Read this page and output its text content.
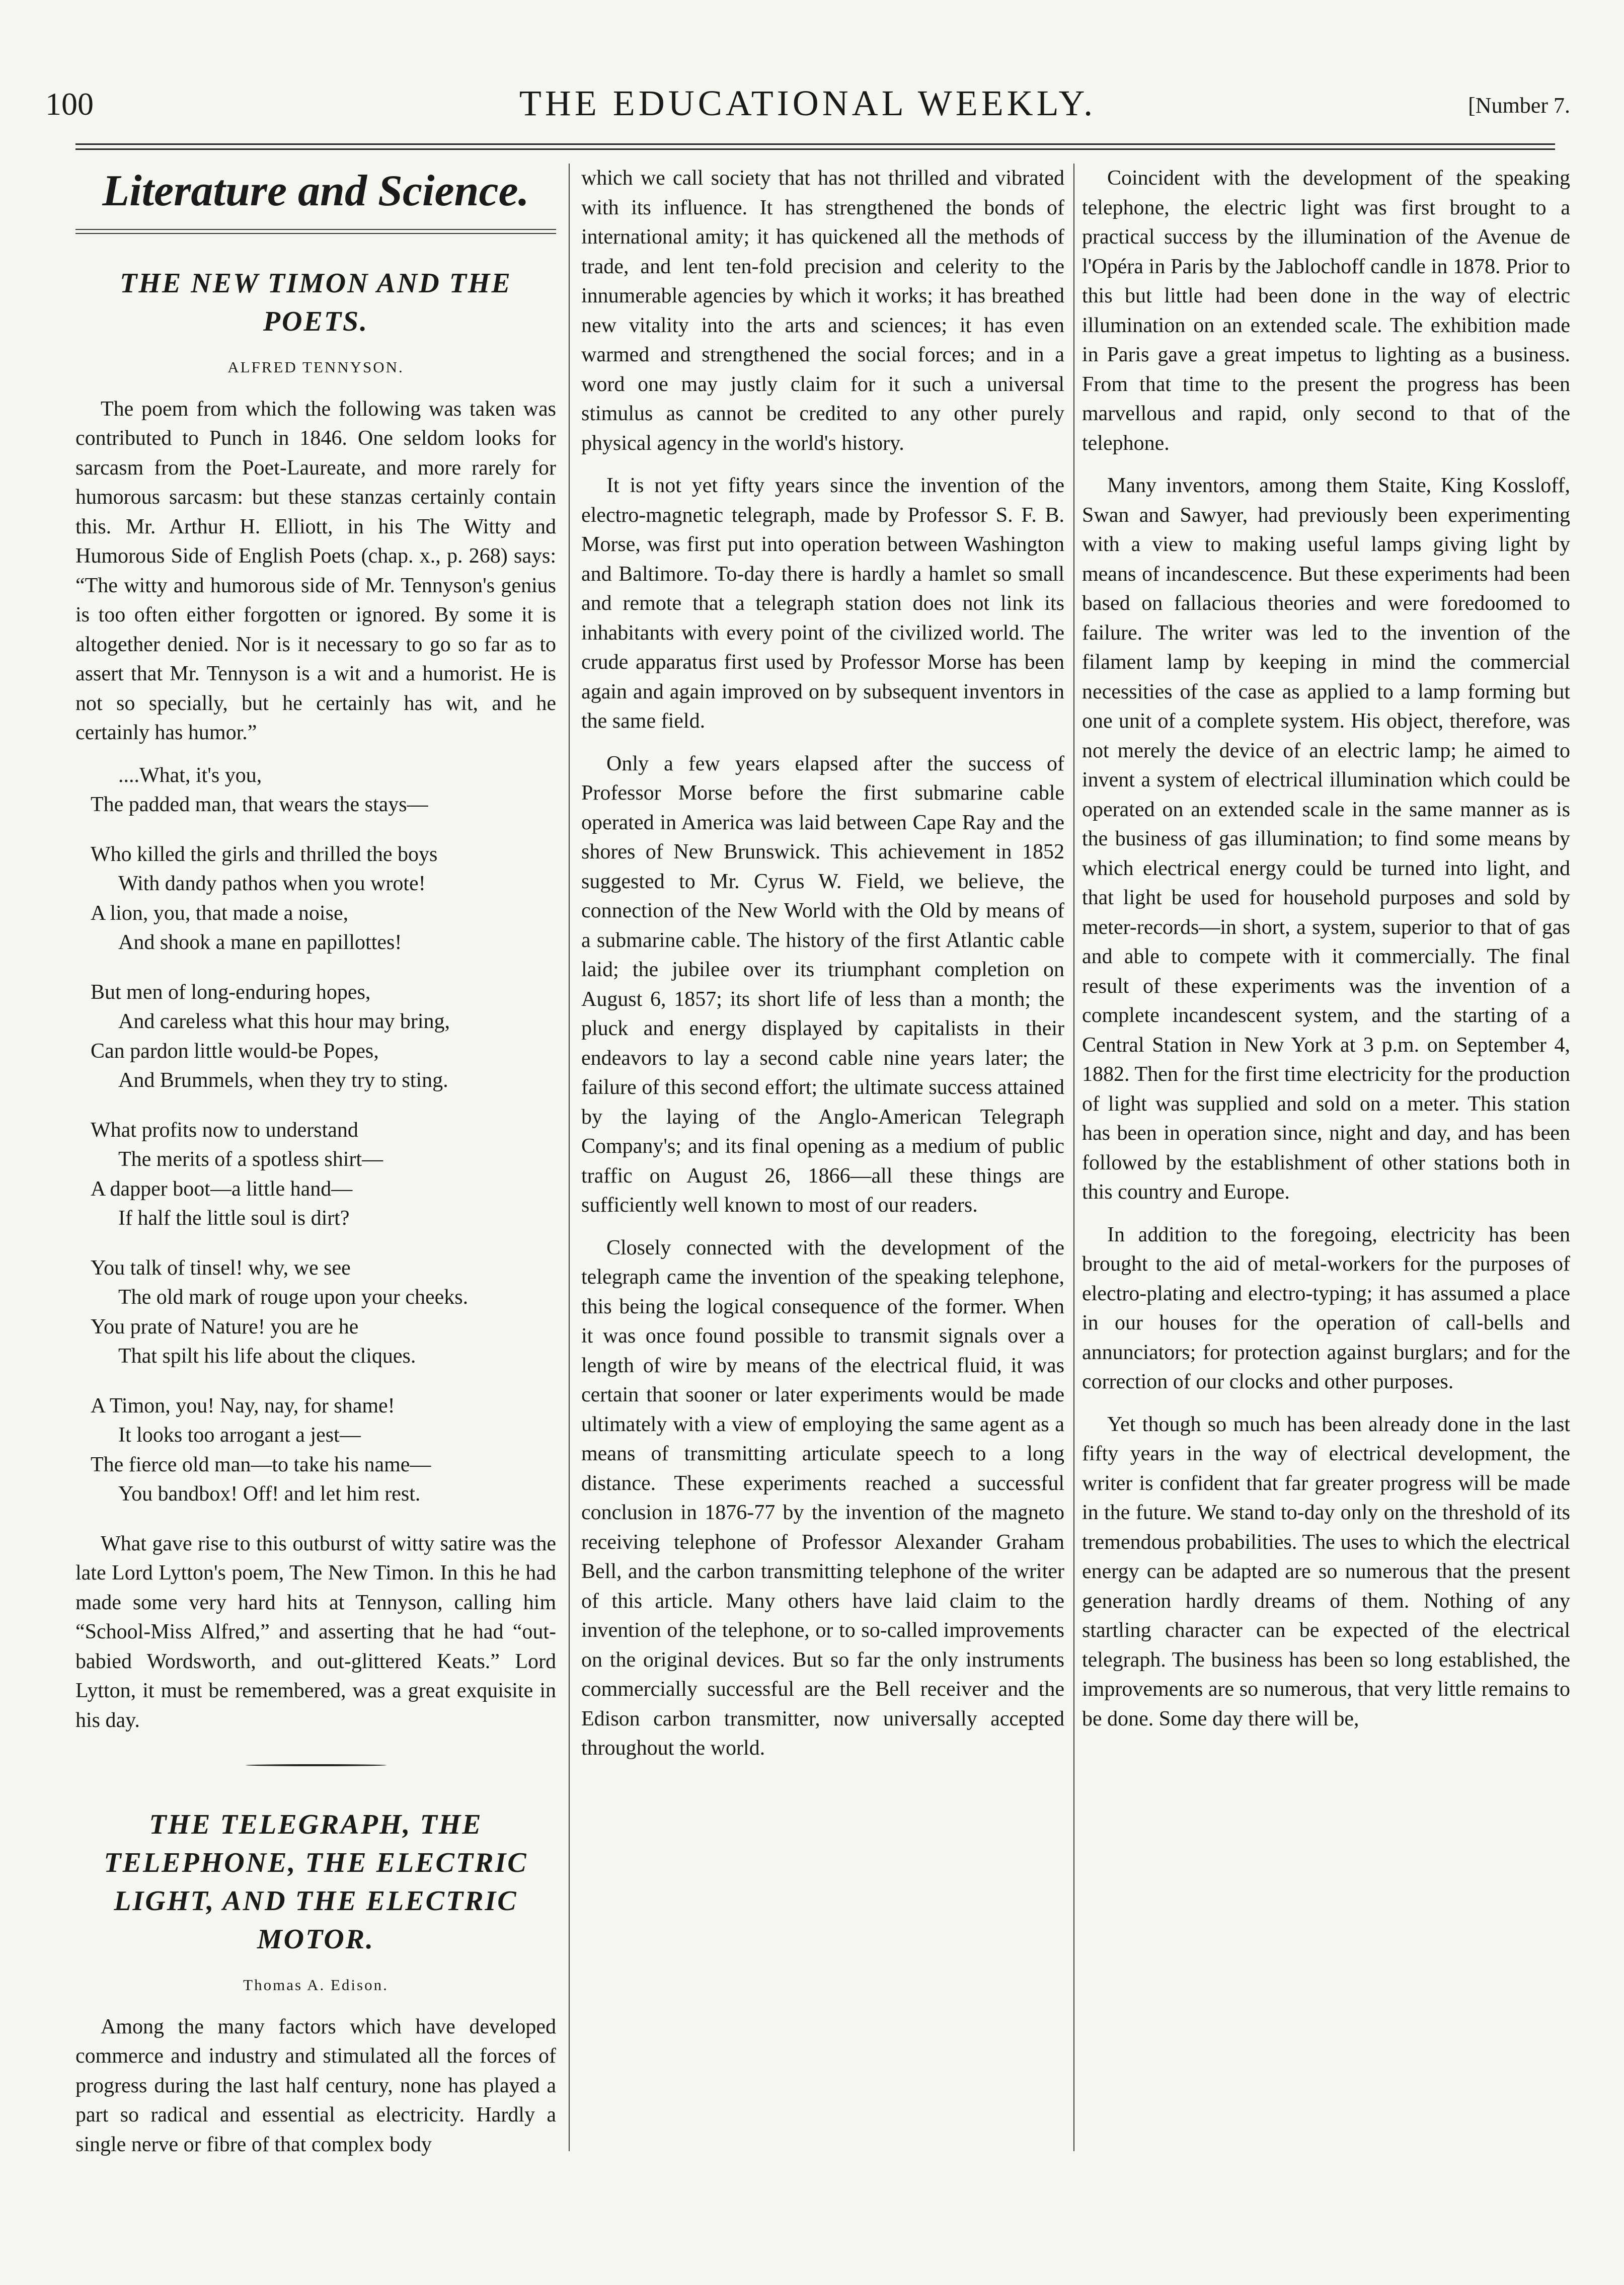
100	THE EDUCATIONAL WEEKLY.	[Number 7.
Literature and Science.
THE NEW TIMON AND THE POETS.
ALFRED TENNYSON.

The poem from which the following was taken was contributed to Punch in 1846. One seldom looks for sarcasm from the Poet-Laureate, and more rarely for humorous sarcasm: but these stanzas certainly contain this. Mr. Arthur H. Elliott, in his The Witty and Humorous Side of English Poets (chap. x., p. 268) says: “The witty and humorous side of Mr. Tennyson's genius is too often either forgotten or ignored. By some it is altogether denied. Nor is it necessary to go so far as to assert that Mr. Tennyson is a wit and a humorist. He is not so specially, but he certainly has wit, and he certainly has humor.”

....What, it's you,
The padded man, that wears the stays—
Who killed the girls and thrilled the boys
With dandy pathos when you wrote!
A lion, you, that made a noise,
And shook a mane en papillottes!
But men of long-enduring hopes,
And careless what this hour may bring,
Can pardon little would-be Popes,
And Brummels, when they try to sting.
What profits now to understand
The merits of a spotless shirt—
A dapper boot—a little hand—
If half the little soul is dirt?
You talk of tinsel! why, we see
The old mark of rouge upon your cheeks.
You prate of Nature! you are he
That spilt his life about the cliques.
A Timon, you! Nay, nay, for shame!
It looks too arrogant a jest—
The fierce old man—to take his name—
You bandbox! Off! and let him rest.

What gave rise to this outburst of witty satire was the late Lord Lytton's poem, The New Timon. In this he had made some very hard hits at Tennyson, calling him “School-Miss Alfred,” and asserting that he had “out-babied Wordsworth, and out-glittered Keats.” Lord Lytton, it must be remembered, was a great exquisite in his day.

THE TELEGRAPH, THE TELEPHONE, THE ELECTRIC LIGHT, AND THE ELECTRIC MOTOR.
Thomas A. Edison.

Among the many factors which have developed commerce and industry and stimulated all the forces of progress during the last half century, none has played a part so radical and essential as electricity. Hardly a single nerve or fibre of that complex body

which we call society that has not thrilled and vibrated with its influence. It has strengthened the bonds of international amity; it has quickened all the methods of trade, and lent ten-fold precision and celerity to the innumerable agencies by which it works; it has breathed new vitality into the arts and sciences; it has even warmed and strengthened the social forces; and in a word one may justly claim for it such a universal stimulus as cannot be credited to any other purely physical agency in the world's history.

It is not yet fifty years since the invention of the electro-magnetic telegraph, made by Professor S. F. B. Morse, was first put into operation between Washington and Baltimore. To-day there is hardly a hamlet so small and remote that a telegraph station does not link its inhabitants with every point of the civilized world. The crude apparatus first used by Professor Morse has been again and again improved on by subsequent inventors in the same field.

Only a few years elapsed after the success of Professor Morse before the first submarine cable operated in America was laid between Cape Ray and the shores of New Brunswick. This achievement in 1852 suggested to Mr. Cyrus W. Field, we believe, the connection of the New World with the Old by means of a submarine cable. The history of the first Atlantic cable laid; the jubilee over its triumphant completion on August 6, 1857; its short life of less than a month; the pluck and energy displayed by capitalists in their endeavors to lay a second cable nine years later; the failure of this second effort; the ultimate success attained by the laying of the Anglo-American Telegraph Company's; and its final opening as a medium of public traffic on August 26, 1866—all these things are sufficiently well known to most of our readers.

Closely connected with the development of the telegraph came the invention of the speaking telephone, this being the logical consequence of the former. When it was once found possible to transmit signals over a length of wire by means of the electrical fluid, it was certain that sooner or later experiments would be made ultimately with a view of employing the same agent as a means of transmitting articulate speech to a long distance. These experiments reached a successful conclusion in 1876-77 by the invention of the magneto receiving telephone of Professor Alexander Graham Bell, and the carbon transmitting telephone of the writer of this article. Many others have laid claim to the invention of the telephone, or to so-called improvements on the original devices. But so far the only instruments commercially successful are the Bell receiver and the Edison carbon transmitter, now universally accepted throughout the world.

Coincident with the development of the speaking telephone, the electric light was first brought to a practical success by the illumination of the Avenue de l'Opéra in Paris by the Jablochoff candle in 1878. Prior to this but little had been done in the way of electric illumination on an extended scale. The exhibition made in Paris gave a great impetus to lighting as a business. From that time to the present the progress has been marvellous and rapid, only second to that of the telephone.

Many inventors, among them Staite, King Kossloff, Swan and Sawyer, had previously been experimenting with a view to making useful lamps giving light by means of incandescence. But these experiments had been based on fallacious theories and were foredoomed to failure. The writer was led to the invention of the filament lamp by keeping in mind the commercial necessities of the case as applied to a lamp forming but one unit of a complete system. His object, therefore, was not merely the device of an electric lamp; he aimed to invent a system of electrical illumination which could be operated on an extended scale in the same manner as is the business of gas illumination; to find some means by which electrical energy could be turned into light, and that light be used for household purposes and sold by meter-records—in short, a system, superior to that of gas and able to compete with it commercially. The final result of these experiments was the invention of a complete incandescent system, and the starting of a Central Station in New York at 3 p.m. on September 4, 1882. Then for the first time electricity for the production of light was supplied and sold on a meter. This station has been in operation since, night and day, and has been followed by the establishment of other stations both in this country and Europe.

In addition to the foregoing, electricity has been brought to the aid of metal-workers for the purposes of electro-plating and electro-typing; it has assumed a place in our houses for the operation of call-bells and annunciators; for protection against burglars; and for the correction of our clocks and other purposes.

Yet though so much has been already done in the last fifty years in the way of electrical development, the writer is confident that far greater progress will be made in the future. We stand to-day only on the threshold of its tremendous probabilities. The uses to which the electrical energy can be adapted are so numerous that the present generation hardly dreams of them. Nothing of any startling character can be expected of the electrical telegraph. The business has been so long established, the improvements are so numerous, that very little remains to be done. Some day there will be,
